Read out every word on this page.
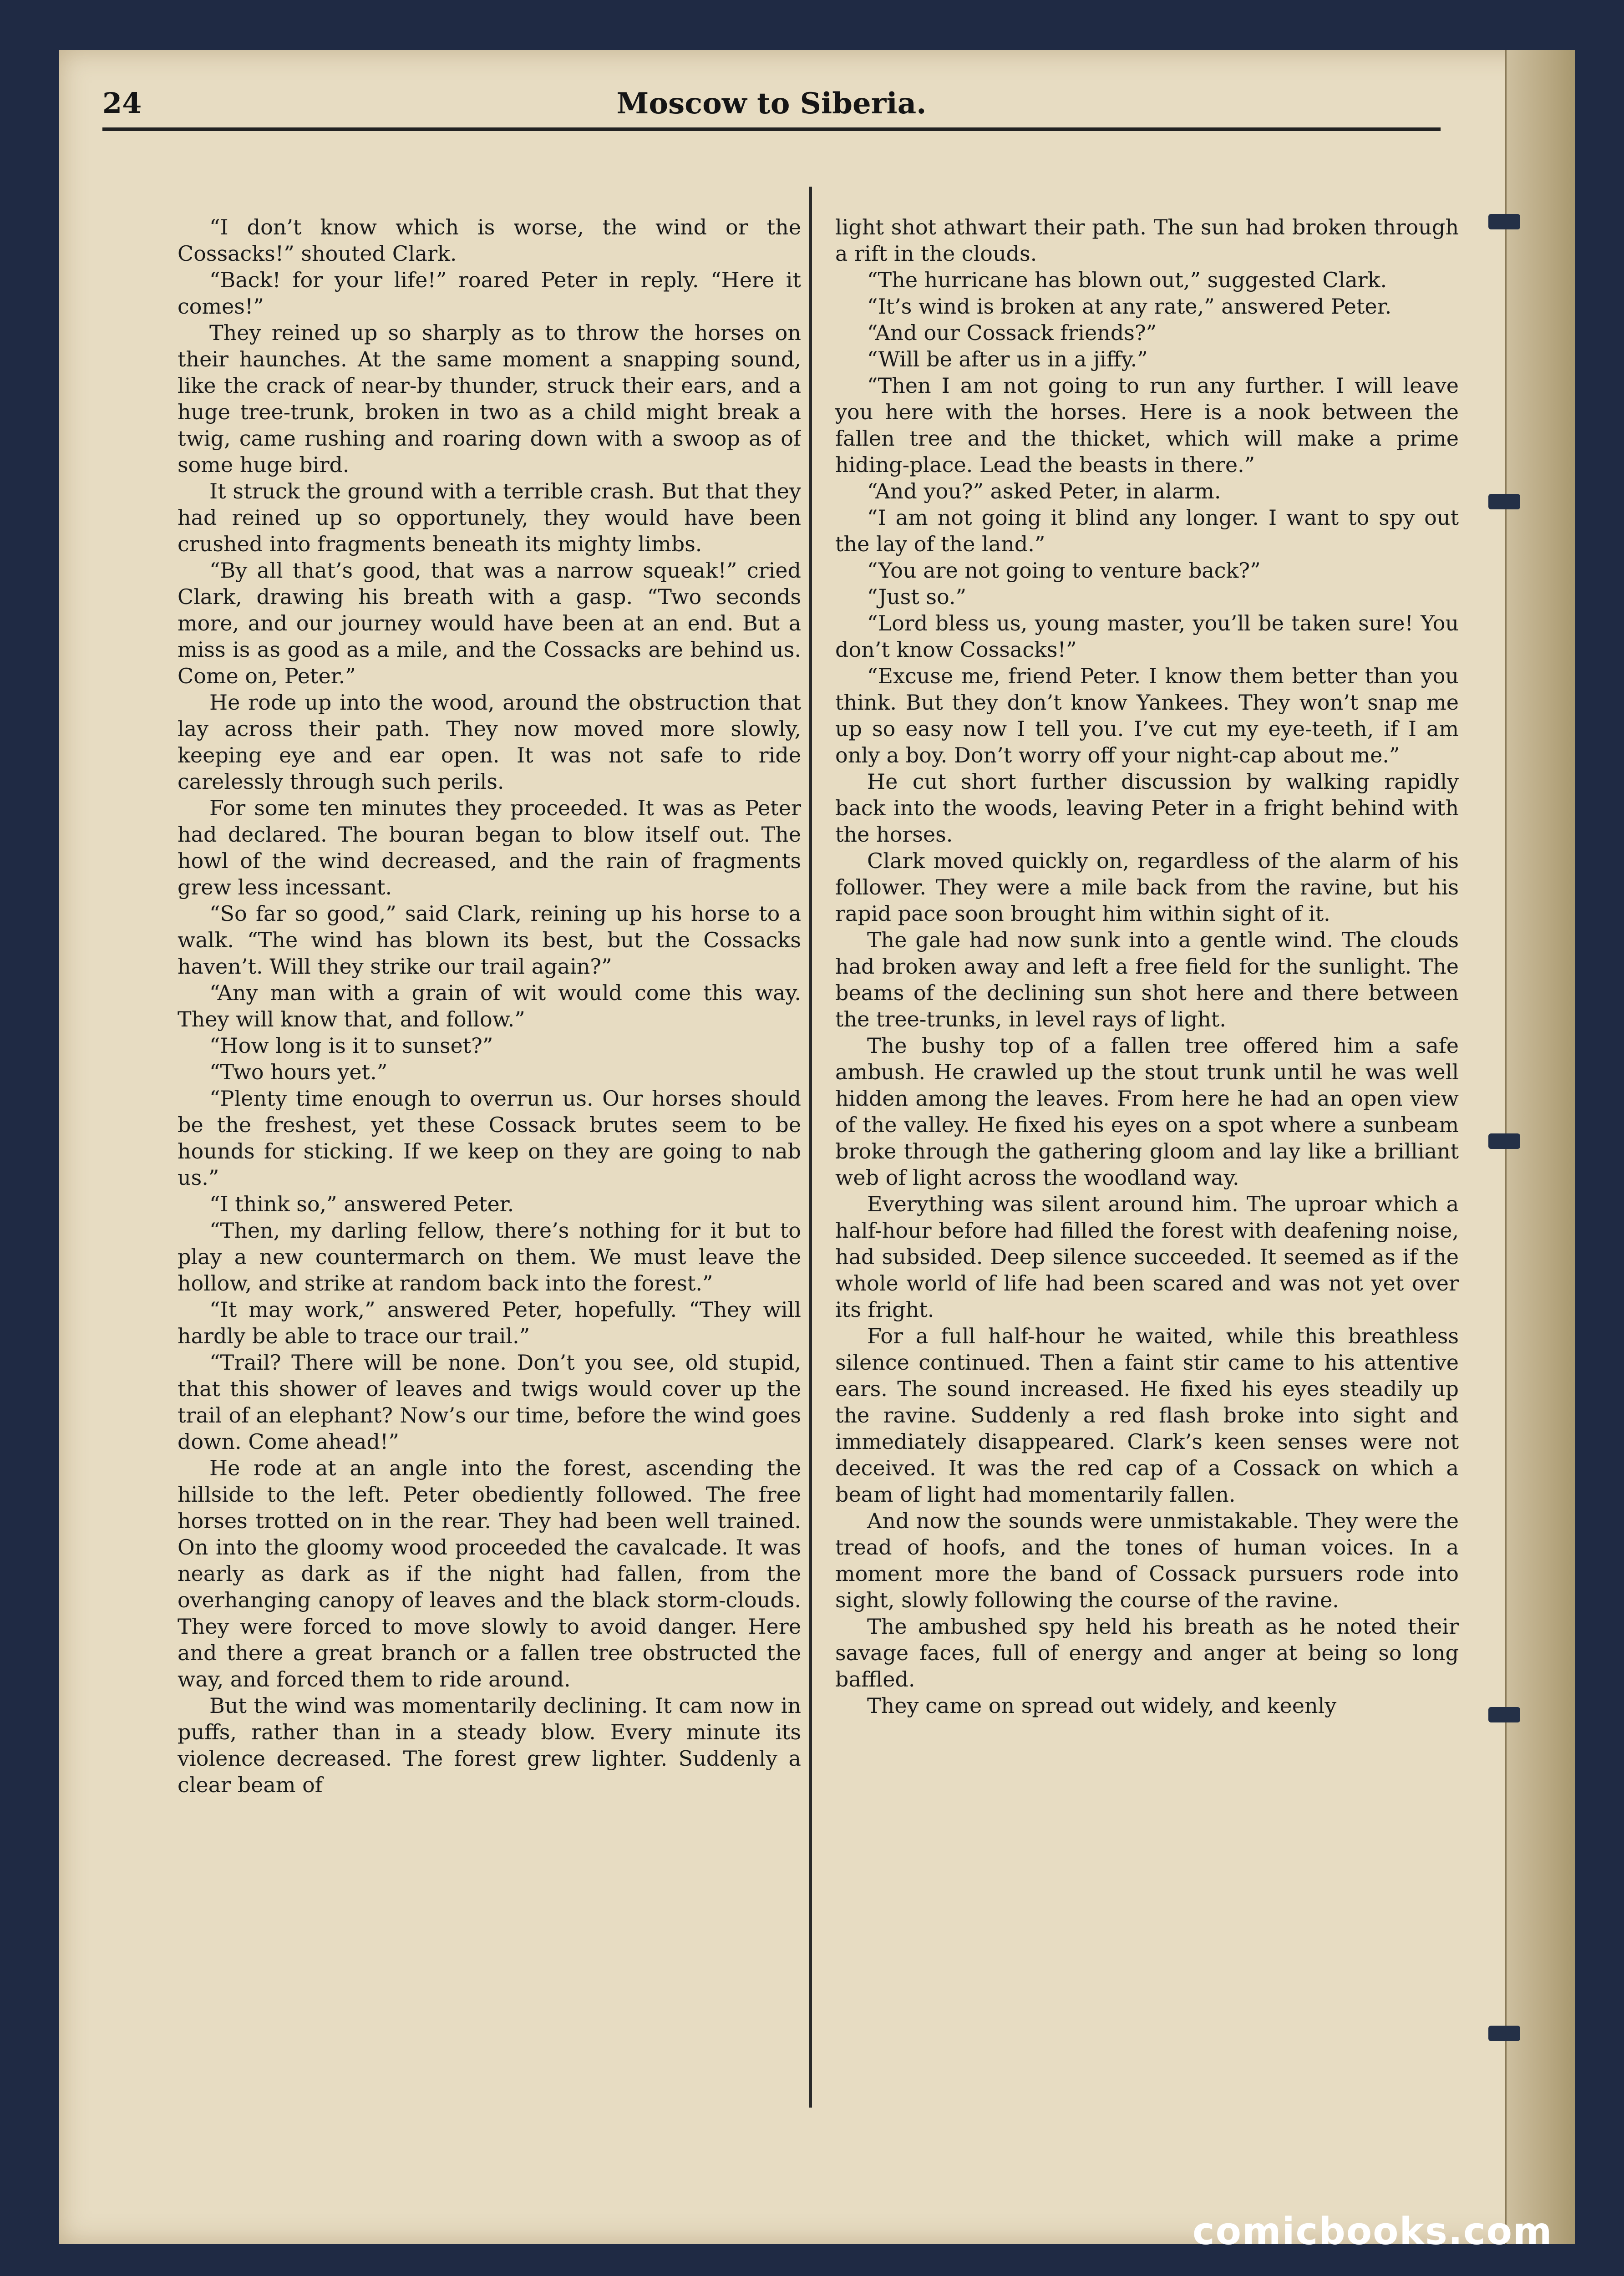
24	Moscow to Siberia.

“I don’t know which is worse, the wind or the Cossacks!” shouted Clark.

“Back! for your life!” roared Peter in reply. “Here it comes!”

They reined up so sharply as to throw the horses on their haunches. At the same moment a snapping sound, like the crack of near-by thunder, struck their ears, and a huge tree-trunk, broken in two as a child might break a twig, came rushing and roaring down with a swoop as of some huge bird.

It struck the ground with a terrible crash. But that they had reined up so opportunely, they would have been crushed into fragments beneath its mighty limbs.

“By all that’s good, that was a narrow squeak!” cried Clark, drawing his breath with a gasp. “Two seconds more, and our journey would have been at an end. But a miss is as good as a mile, and the Cossacks are behind us. Come on, Peter.”

He rode up into the wood, around the obstruction that lay across their path. They now moved more slowly, keeping eye and ear open. It was not safe to ride carelessly through such perils.

For some ten minutes they proceeded. It was as Peter had declared. The bouran began to blow itself out. The howl of the wind decreased, and the rain of fragments grew less incessant.

“So far so good,” said Clark, reining up his horse to a walk. “The wind has blown its best, but the Cossacks haven’t. Will they strike our trail again?”

“Any man with a grain of wit would come this way. They will know that, and follow.”

“How long is it to sunset?”

“Two hours yet.”

“Plenty time enough to overrun us. Our horses should be the freshest, yet these Cossack brutes seem to be hounds for sticking. If we keep on they are going to nab us.”

“I think so,” answered Peter.

“Then, my darling fellow, there’s nothing for it but to play a new countermarch on them. We must leave the hollow, and strike at random back into the forest.”

“It may work,” answered Peter, hopefully. “They will hardly be able to trace our trail.”

“Trail? There will be none. Don’t you see, old stupid, that this shower of leaves and twigs would cover up the trail of an elephant? Now’s our time, before the wind goes down. Come ahead!”

He rode at an angle into the forest, ascending the hillside to the left. Peter obediently followed. The free horses trotted on in the rear. They had been well trained. On into the gloomy wood proceeded the cavalcade. It was nearly as dark as if the night had fallen, from the overhanging canopy of leaves and the black storm-clouds. They were forced to move slowly to avoid danger. Here and there a great branch or a fallen tree obstructed the way, and forced them to ride around.

But the wind was momentarily declining. It cam now in puffs, rather than in a steady blow. Every minute its violence decreased. The forest grew lighter. Suddenly a clear beam of

light shot athwart their path. The sun had broken through a rift in the clouds.

“The hurricane has blown out,” suggested Clark.

“It’s wind is broken at any rate,” answered Peter.

“And our Cossack friends?”

“Will be after us in a jiffy.”

“Then I am not going to run any further. I will leave you here with the horses. Here is a nook between the fallen tree and the thicket, which will make a prime hiding-place. Lead the beasts in there.”

“And you?” asked Peter, in alarm.

“I am not going it blind any longer. I want to spy out the lay of the land.”

“You are not going to venture back?”

“Just so.”

“Lord bless us, young master, you’ll be taken sure! You don’t know Cossacks!”

“Excuse me, friend Peter. I know them better than you think. But they don’t know Yankees. They won’t snap me up so easy now I tell you. I’ve cut my eye-teeth, if I am only a boy. Don’t worry off your night-cap about me.”

He cut short further discussion by walking rapidly back into the woods, leaving Peter in a fright behind with the horses.

Clark moved quickly on, regardless of the alarm of his follower. They were a mile back from the ravine, but his rapid pace soon brought him within sight of it.

The gale had now sunk into a gentle wind. The clouds had broken away and left a free field for the sunlight. The beams of the declining sun shot here and there between the tree-trunks, in level rays of light.

The bushy top of a fallen tree offered him a safe ambush. He crawled up the stout trunk until he was well hidden among the leaves. From here he had an open view of the valley. He fixed his eyes on a spot where a sunbeam broke through the gathering gloom and lay like a brilliant web of light across the woodland way.

Everything was silent around him. The uproar which a half-hour before had filled the forest with deafening noise, had subsided. Deep silence succeeded. It seemed as if the whole world of life had been scared and was not yet over its fright.

For a full half-hour he waited, while this breathless silence continued. Then a faint stir came to his attentive ears. The sound increased. He fixed his eyes steadily up the ravine. Suddenly a red flash broke into sight and immediately disappeared. Clark’s keen senses were not deceived. It was the red cap of a Cossack on which a beam of light had momentarily fallen.

And now the sounds were unmistakable. They were the tread of hoofs, and the tones of human voices. In a moment more the band of Cossack pursuers rode into sight, slowly following the course of the ravine.

The ambushed spy held his breath as he noted their savage faces, full of energy and anger at being so long baffled.

They came on spread out widely, and keenly

comicbooks.com
